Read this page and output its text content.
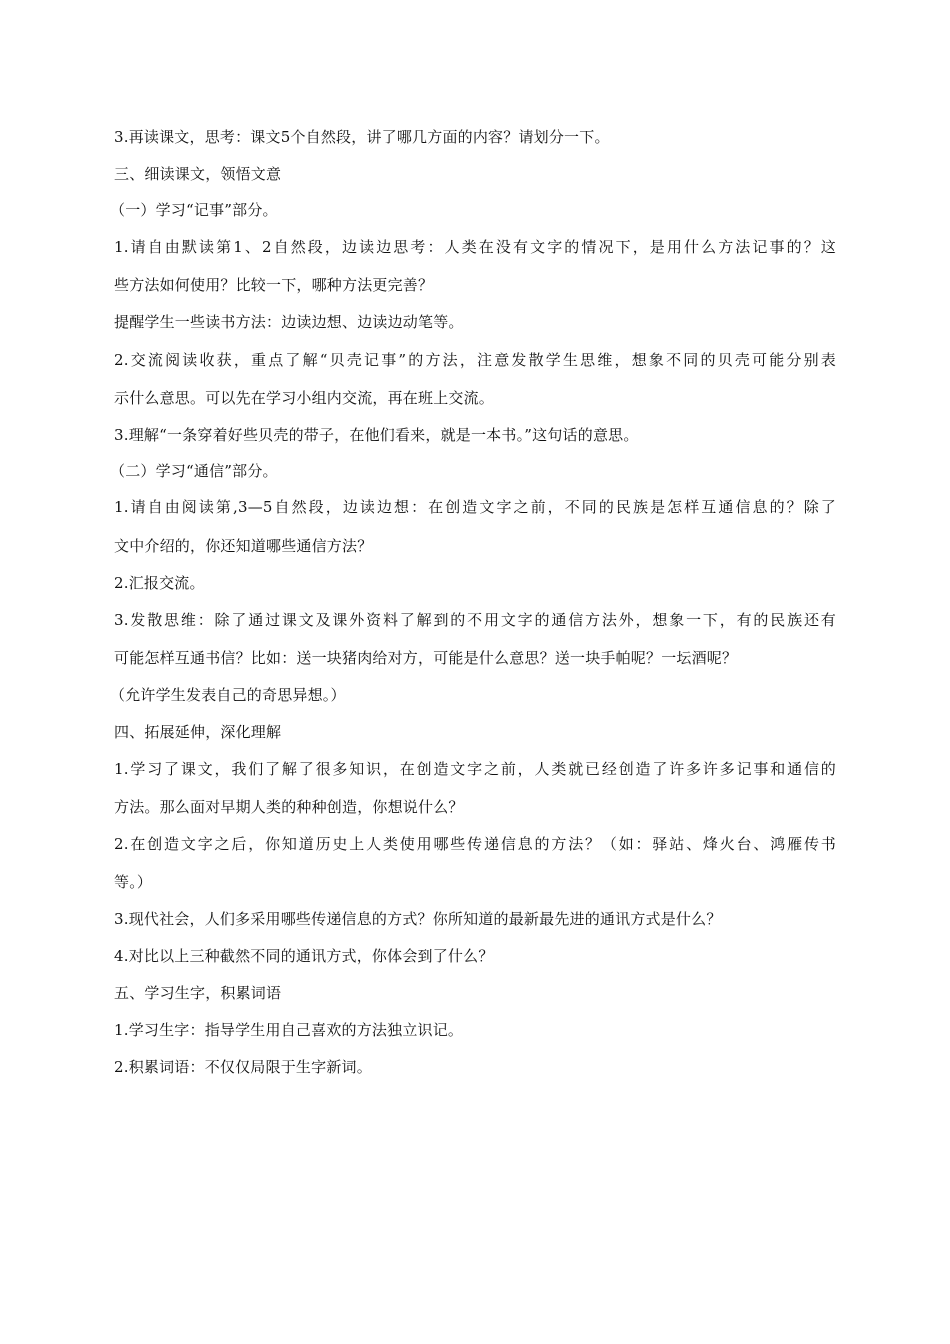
3.再读课文，思考：课文5个自然段，讲了哪几方面的内容？请划分一下。
三、细读课文，领悟文意
（一）学习“记事”部分。
1.请自由默读第1、2自然段，边读边思考：人类在没有文字的情况下，是用什么方法记事的？这
些方法如何使用？比较一下，哪种方法更完善？
提醒学生一些读书方法：边读边想、边读边动笔等。
2.交流阅读收获，重点了解“贝壳记事”的方法，注意发散学生思维，想象不同的贝壳可能分别表
示什么意思。可以先在学习小组内交流，再在班上交流。
3.理解“一条穿着好些贝壳的带子，在他们看来，就是一本书。”这句话的意思。
（二）学习“通信”部分。
1.请自由阅读第,3—5自然段，边读边想：在创造文字之前，不同的民族是怎样互通信息的？除了
文中介绍的，你还知道哪些通信方法？
2.汇报交流。
3.发散思维：除了通过课文及课外资料了解到的不用文字的通信方法外，想象一下，有的民族还有
可能怎样互通书信？比如：送一块猪肉给对方，可能是什么意思？送一块手帕呢？一坛酒呢？
（允许学生发表自己的奇思异想。）
四、拓展延伸，深化理解
1.学习了课文，我们了解了很多知识，在创造文字之前，人类就已经创造了许多许多记事和通信的
方法。那么面对早期人类的种种创造，你想说什么？
2.在创造文字之后，你知道历史上人类使用哪些传递信息的方法？（如：驿站、烽火台、鸿雁传书
等。）
3.现代社会，人们多采用哪些传递信息的方式？你所知道的最新最先进的通讯方式是什么？
4.对比以上三种截然不同的通讯方式，你体会到了什么？
五、学习生字，积累词语
1.学习生字：指导学生用自己喜欢的方法独立识记。
2.积累词语：不仅仅局限于生字新词。
